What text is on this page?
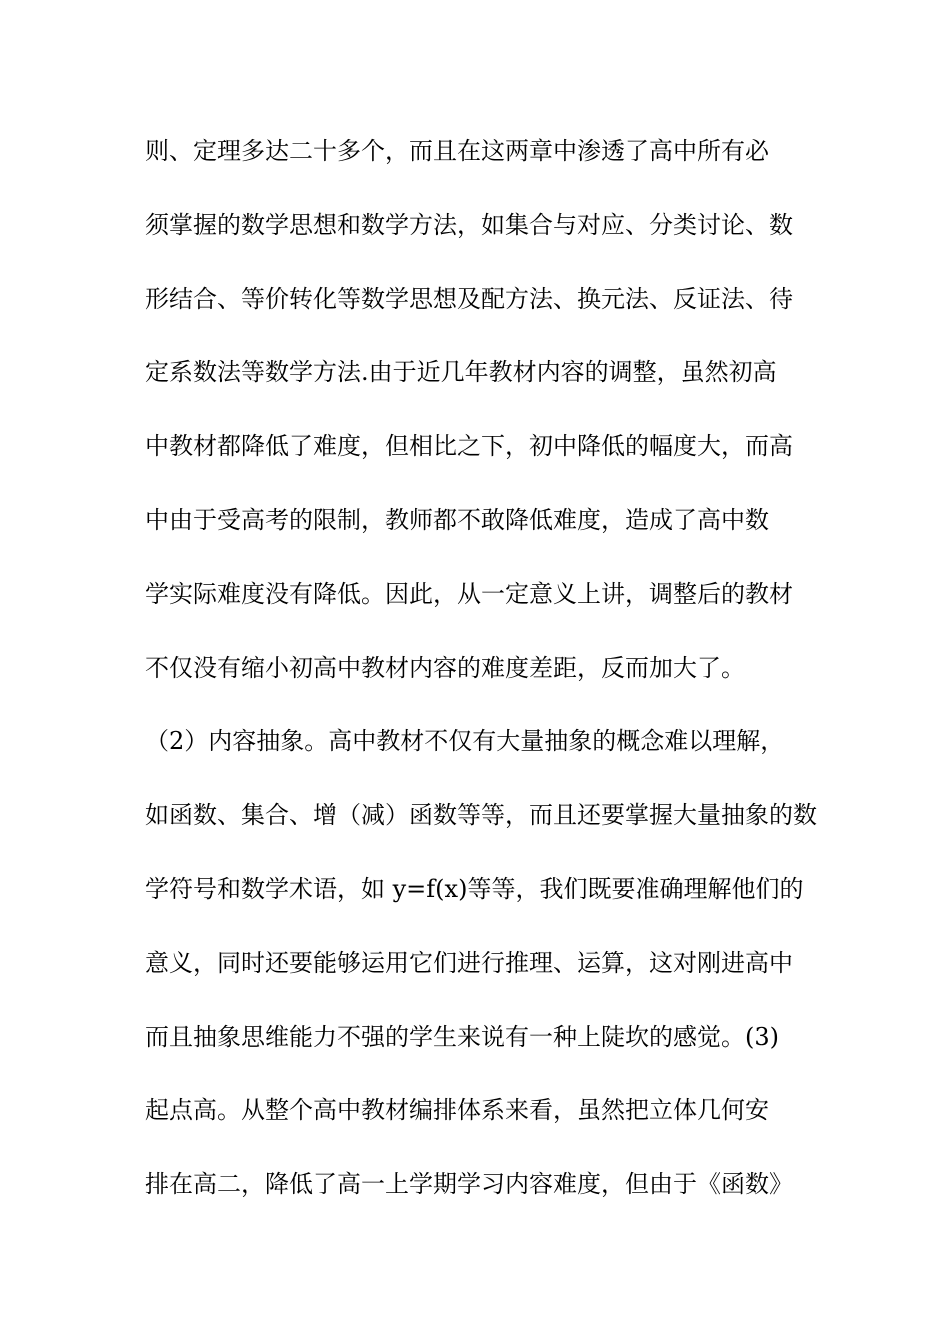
则、定理多达二十多个，而且在这两章中渗透了高中所有必
须掌握的数学思想和数学方法，如集合与对应、分类讨论、数
形结合、等价转化等数学思想及配方法、换元法、反证法、待
定系数法等数学方法.由于近几年教材内容的调整，虽然初高
中教材都降低了难度，但相比之下，初中降低的幅度大，而高
中由于受高考的限制，教师都不敢降低难度，造成了高中数
学实际难度没有降低。因此，从一定意义上讲，调整后的教材
不仅没有缩小初高中教材内容的难度差距，反而加大了。
（2）内容抽象。高中教材不仅有大量抽象的概念难以理解，
如函数、集合、增（减）函数等等，而且还要掌握大量抽象的数
学符号和数学术语，如 y=f(x)等等，我们既要准确理解他们的
意义，同时还要能够运用它们进行推理、运算，这对刚进高中
而且抽象思维能力不强的学生来说有一种上陡坎的感觉。(3)
起点高。从整个高中教材编排体系来看，虽然把立体几何安
排在高二，降低了高一上学期学习内容难度，但由于《函数》
